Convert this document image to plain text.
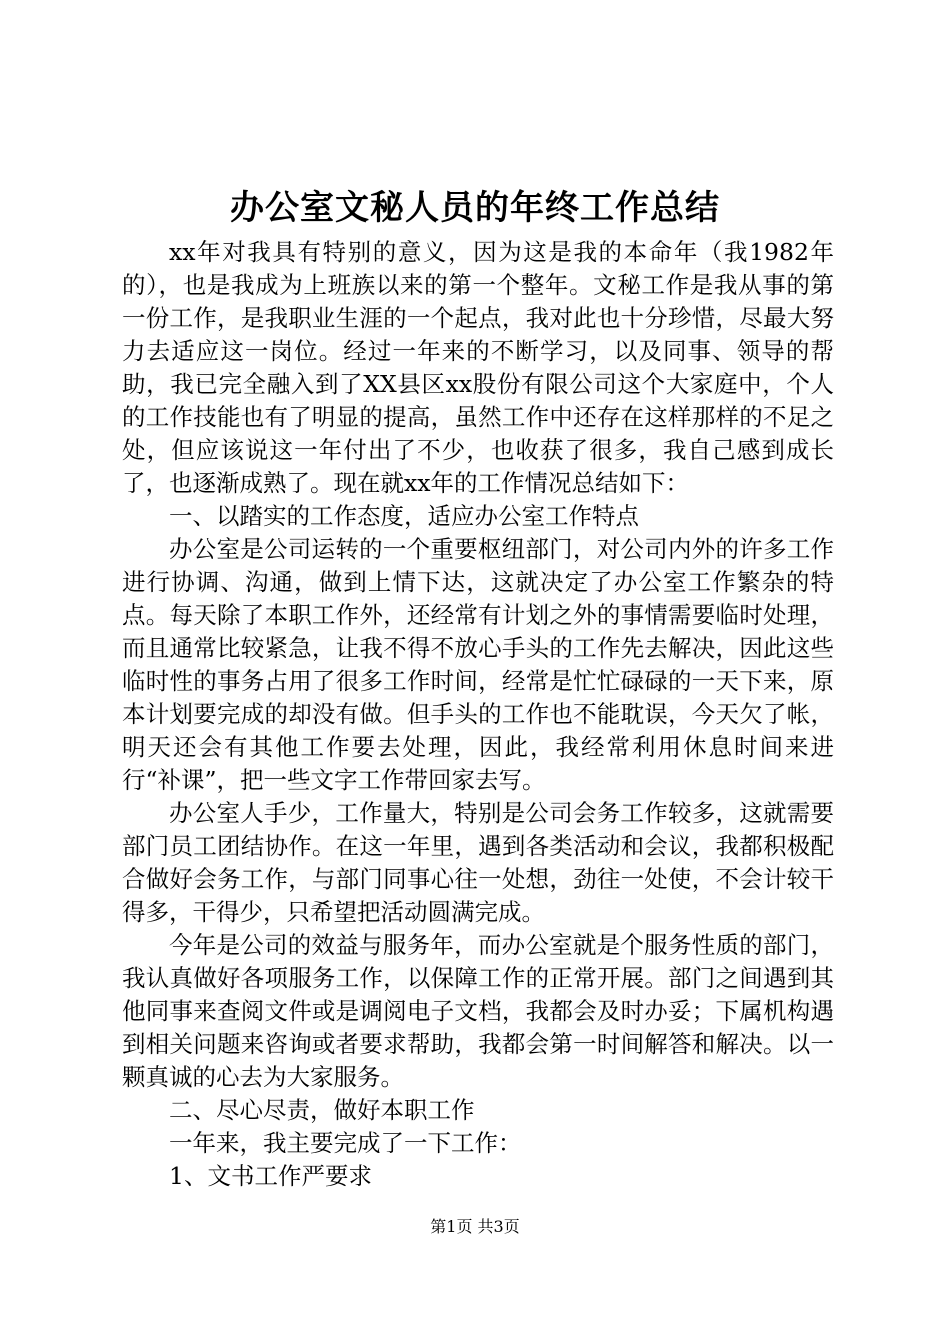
办公室文秘人员的年终工作总结

xx年对我具有特别的意义，因为这是我的本命年（我1982年的），也是我成为上班族以来的第一个整年。文秘工作是我从事的第一份工作，是我职业生涯的一个起点，我对此也十分珍惜，尽最大努力去适应这一岗位。经过一年来的不断学习，以及同事、领导的帮助，我已完全融入到了XX县区xx股份有限公司这个大家庭中，个人的工作技能也有了明显的提高，虽然工作中还存在这样那样的不足之处，但应该说这一年付出了不少，也收获了很多，我自己感到成长了，也逐渐成熟了。现在就xx年的工作情况总结如下：

一、以踏实的工作态度，适应办公室工作特点

办公室是公司运转的一个重要枢纽部门，对公司内外的许多工作进行协调、沟通，做到上情下达，这就决定了办公室工作繁杂的特点。每天除了本职工作外，还经常有计划之外的事情需要临时处理，而且通常比较紧急，让我不得不放心手头的工作先去解决，因此这些临时性的事务占用了很多工作时间，经常是忙忙碌碌的一天下来，原本计划要完成的却没有做。但手头的工作也不能耽误，今天欠了帐，明天还会有其他工作要去处理，因此，我经常利用休息时间来进行“补课”，把一些文字工作带回家去写。

办公室人手少，工作量大，特别是公司会务工作较多，这就需要部门员工团结协作。在这一年里，遇到各类活动和会议，我都积极配合做好会务工作，与部门同事心往一处想，劲往一处使，不会计较干得多，干得少，只希望把活动圆满完成。

今年是公司的效益与服务年，而办公室就是个服务性质的部门，我认真做好各项服务工作，以保障工作的正常开展。部门之间遇到其他同事来查阅文件或是调阅电子文档，我都会及时办妥；下属机构遇到相关问题来咨询或者要求帮助，我都会第一时间解答和解决。以一颗真诚的心去为大家服务。

二、尽心尽责，做好本职工作

一年来，我主要完成了一下工作：

1、文书工作严要求

第1页 共3页
